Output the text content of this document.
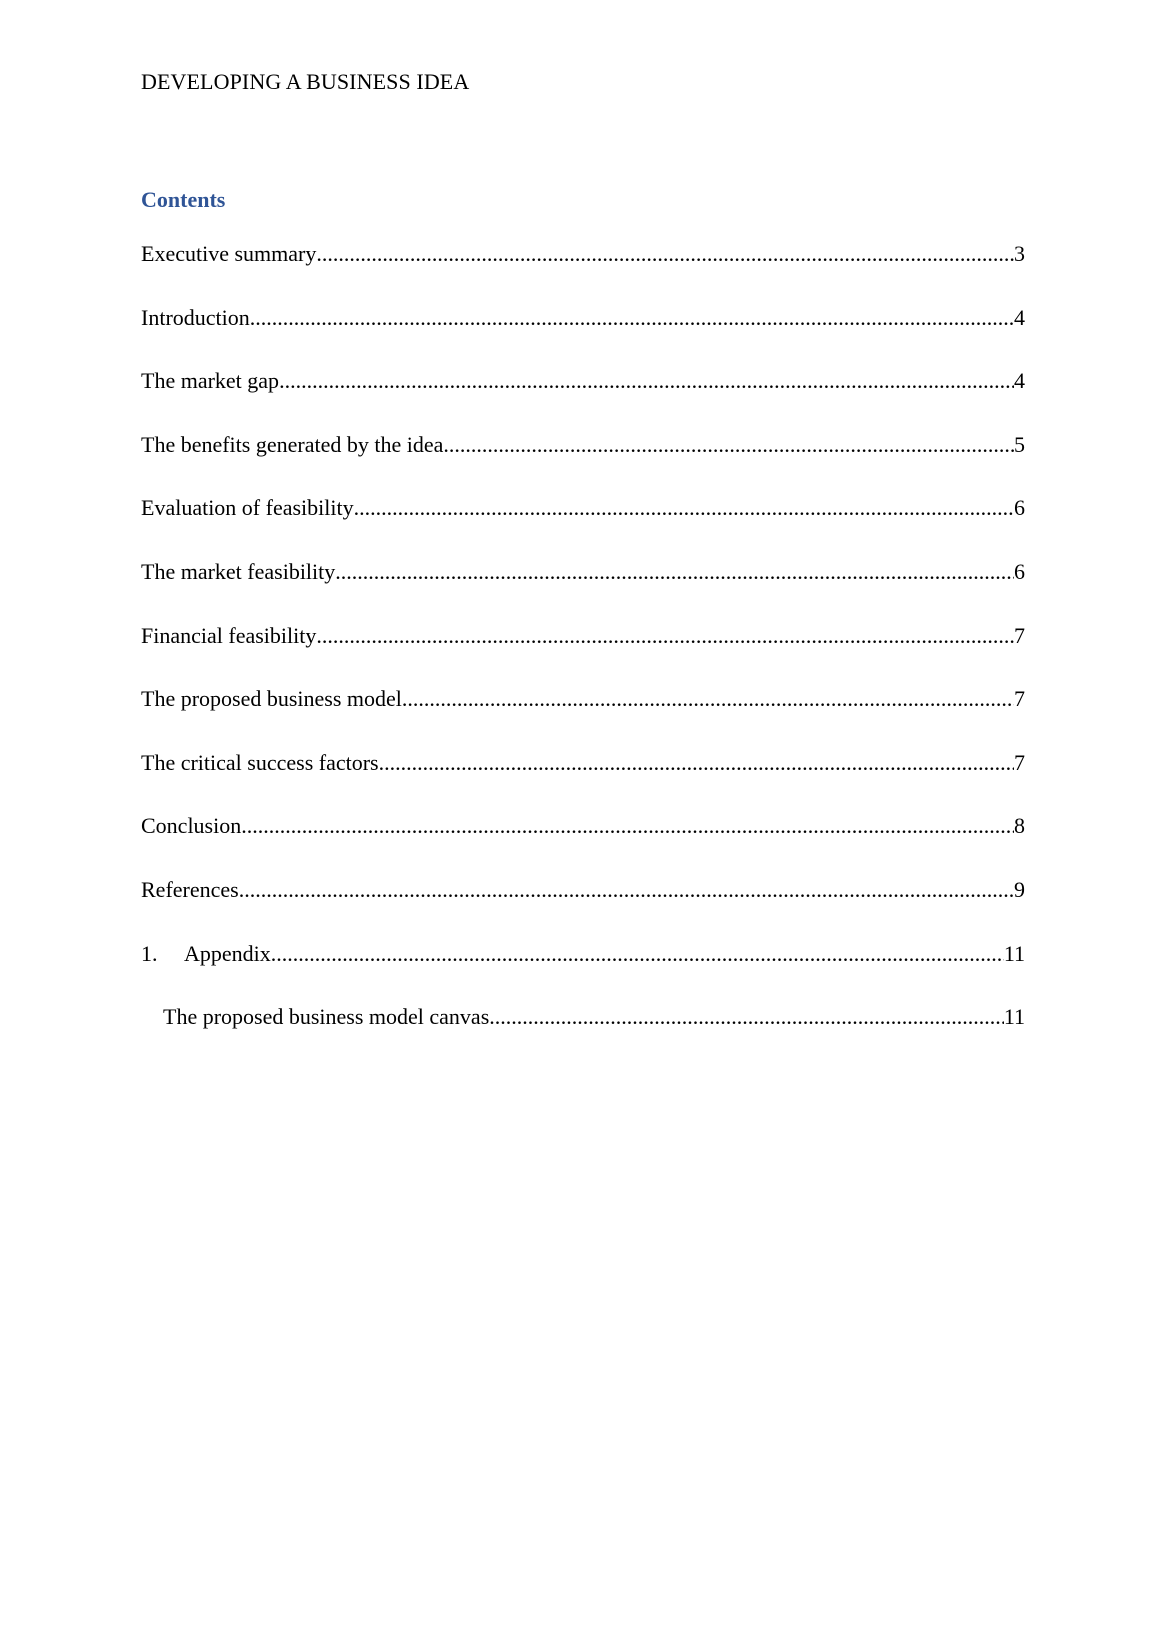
DEVELOPING A BUSINESS IDEA
Contents
Executive summary .....	3
Introduction .....	4
The market gap .....	4
The benefits generated by the idea .....	5
Evaluation of feasibility .....	6
The market feasibility .....	6
Financial feasibility .....	7
The proposed business model .....	7
The critical success factors .....	7
Conclusion .....	8
References .....	9
1.	Appendix .....	11
The proposed business model canvas .....	11
